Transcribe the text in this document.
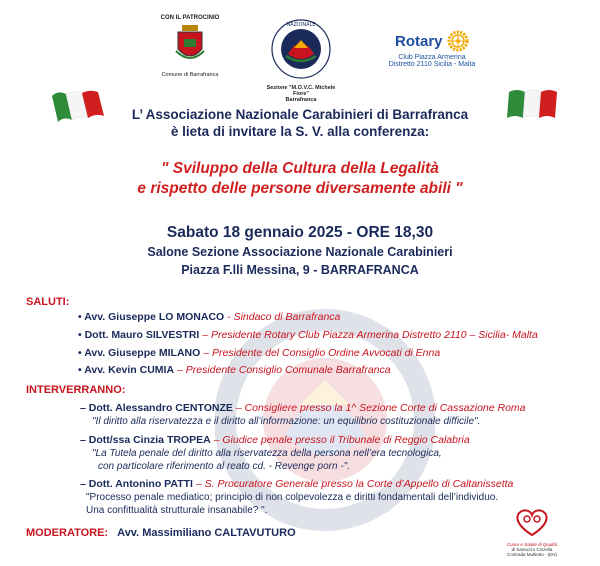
CON IL PATROCINIO
Comune di Barrafranca
NAZIONALE
Sezione "M.O.V.C. Michele Fiore"
Barrafranca
Rotary
Club Piazza Armerina
Distretto 2110 Sicilia - Malta
L’ Associazione Nazionale Carabinieri di Barrafranca
è lieta di invitare la S. V. alla conferenza:
" Sviluppo della Cultura della Legalità
e rispetto delle persone diversamente abili "
Sabato 18 gennaio 2025 - ORE 18,30
Salone Sezione Associazione Nazionale Carabinieri
Piazza F.lli Messina, 9 - BARRAFRANCA
SALUTI:
• Avv. Giuseppe LO MONACO - Sindaco di Barrafranca
• Dott. Mauro SILVESTRI – Presidente Rotary Club Piazza Armerina Distretto 2110 – Sicilia- Malta
• Avv. Giuseppe MILANO – Presidente del Consiglio Ordine Avvocati di Enna
• Avv. Kevin CUMIA – Presidente Consiglio Comunale Barrafranca
INTERVERRANNO:
– Dott. Alessandro CENTONZE – Consigliere presso la 1^ Sezione Corte di Cassazione Roma
"Il diritto alla riservatezza e il diritto all’informazione: un equilibrio costituzionale difficile".
– Dott/ssa Cinzia TROPEA – Giudice penale presso il Tribunale di Reggio Calabria
"La Tutela penale del diritto alla riservatezza della persona nell’era tecnologica,
con particolare riferimento al reato cd. - Revenge porn -".
– Dott. Antonino PATTI – S. Procuratore Generale presso la Corte d’Appello di Caltanissetta
"Processo penale mediatico; principio di non colpevolezza e diritti fondamentali dell’individuo.
Una confittualità strutturale insanabile? ".
MODERATORE: Avv. Massimiliano CALTAVUTURO
Cuore e Salute di Qualità
di Santuzzo Cinzella
Contrada Multietto - (EN)
